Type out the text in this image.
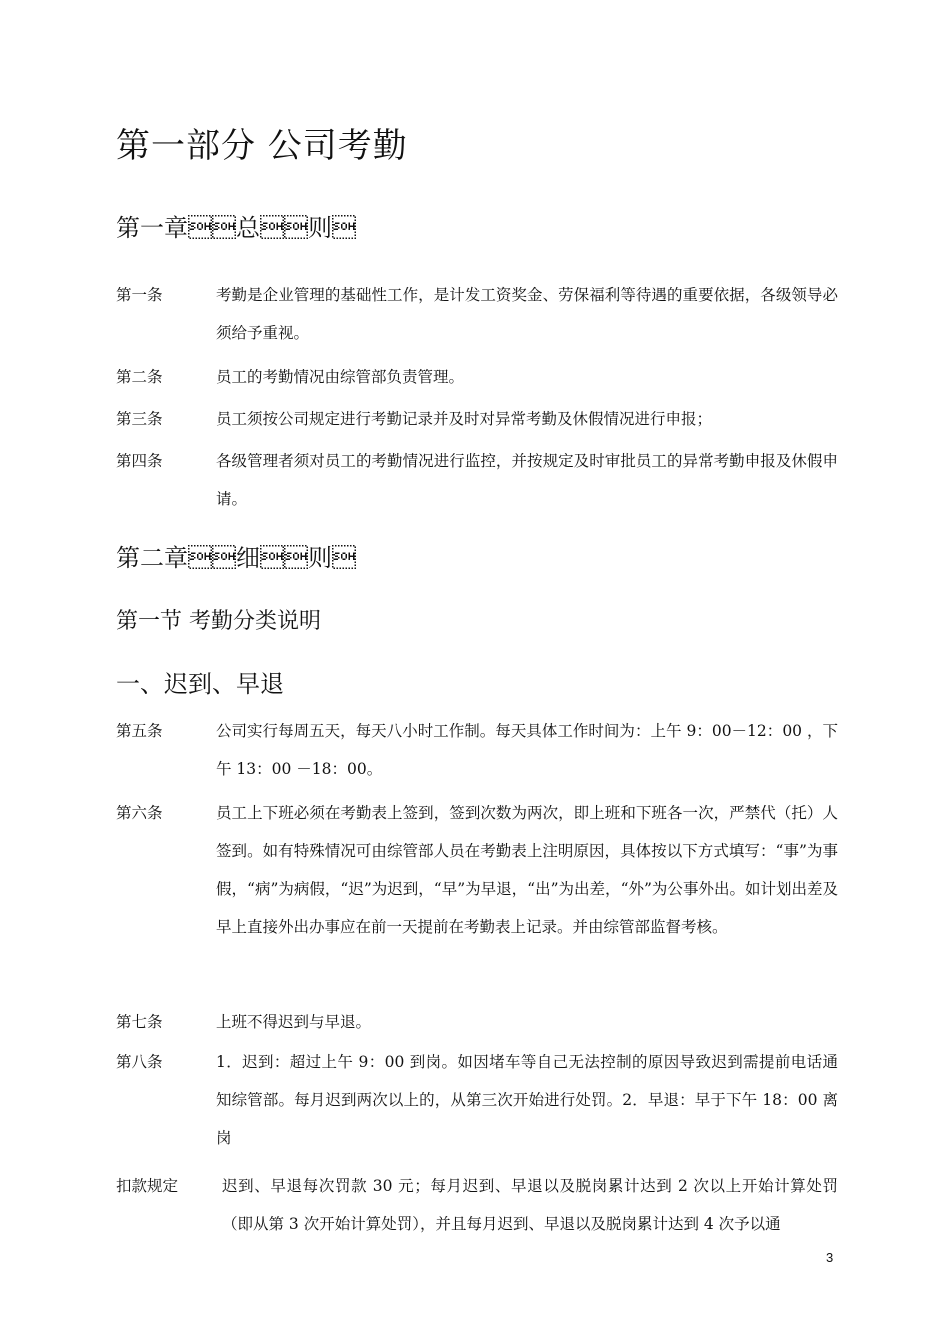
第一部分 公司考勤
第一章总则
第一条	考勤是企业管理的基础性工作，是计发工资奖金、劳保福利等待遇的重要依据，各级领导必须给予重视。
第二条	员工的考勤情况由综管部负责管理。
第三条	员工须按公司规定进行考勤记录并及时对异常考勤及休假情况进行申报；
第四条	各级管理者须对员工的考勤情况进行监控，并按规定及时审批员工的异常考勤申报及休假申请。
第二章细则
第一节 考勤分类说明
一、迟到、早退
第五条	公司实行每周五天，每天八小时工作制。每天具体工作时间为：上午 9：00－12：00 ，下午 13：00 －18：00。
第六条	员工上下班必须在考勤表上签到，签到次数为两次，即上班和下班各一次，严禁代（托）人签到。如有特殊情况可由综管部人员在考勤表上注明原因，具体按以下方式填写：“事”为事假，“病”为病假，“迟”为迟到，“早”为早退，“出”为出差，“外”为公事外出。如计划出差及早上直接外出办事应在前一天提前在考勤表上记录。并由综管部监督考核。
第七条	上班不得迟到与早退。
第八条	1．迟到：超过上午 9：00 到岗。如因堵车等自己无法控制的原因导致迟到需提前电话通知综管部。每月迟到两次以上的，从第三次开始进行处罚。2．早退：早于下午 18：00 离岗
扣款规定	迟到、早退每次罚款 30 元；每月迟到、早退以及脱岗累计达到 2 次以上开始计算处罚（即从第 3 次开始计算处罚），并且每月迟到、早退以及脱岗累计达到 4 次予以通
3
